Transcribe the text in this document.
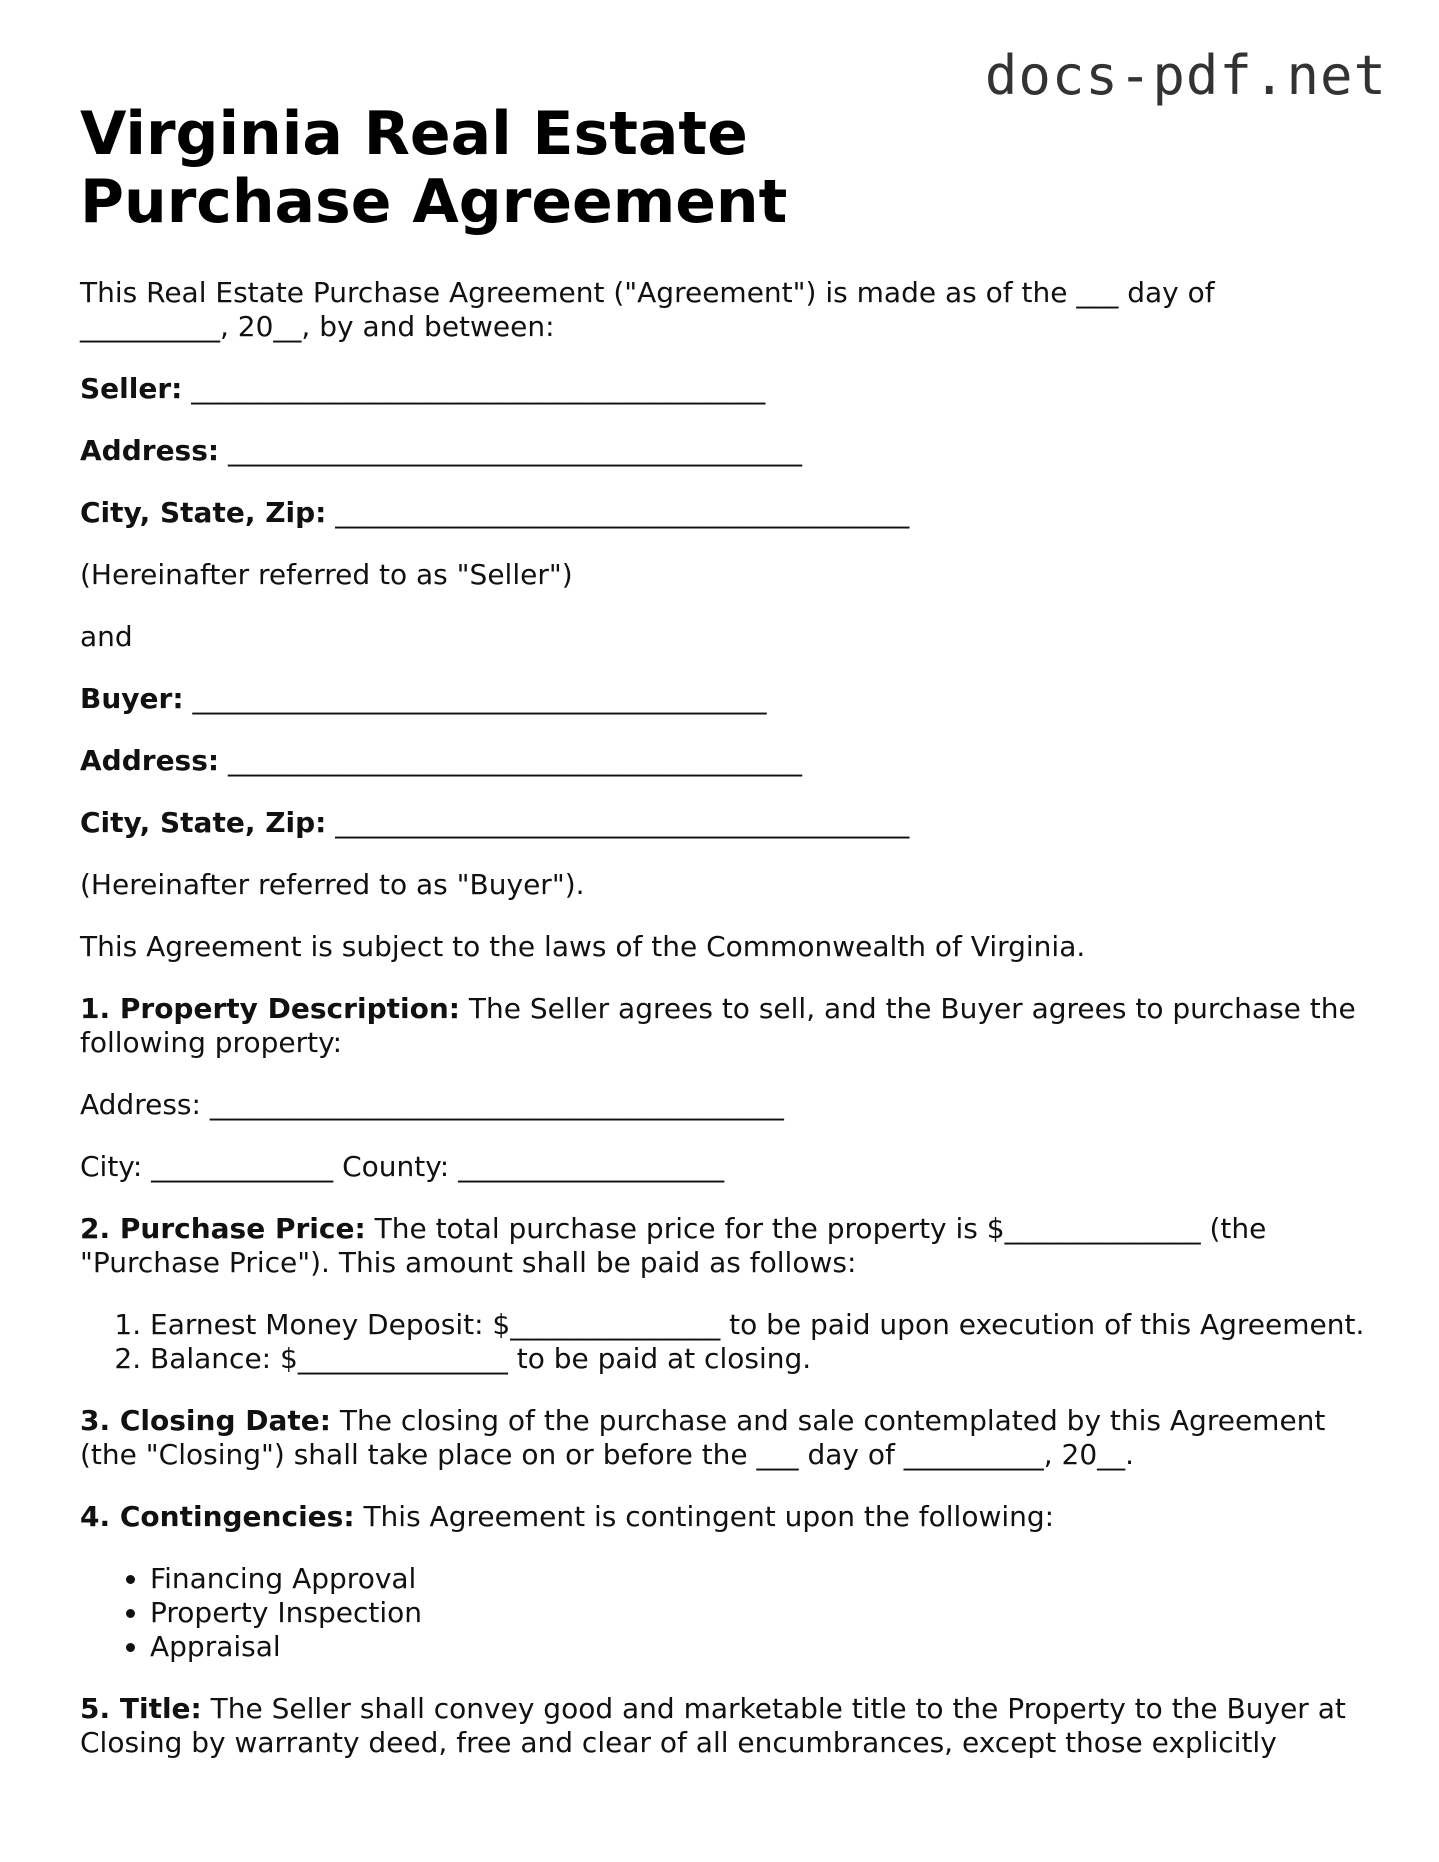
docs-pdf.net
Virginia Real Estate Purchase Agreement

This Real Estate Purchase Agreement ("Agreement") is made as of the ___ day of __________, 20__, by and between:

Seller: _________________________________________

Address: _________________________________________

City, State, Zip: _________________________________________

(Hereinafter referred to as "Seller")

and

Buyer: _________________________________________

Address: _________________________________________

City, State, Zip: _________________________________________

(Hereinafter referred to as "Buyer").

This Agreement is subject to the laws of the Commonwealth of Virginia.

1. Property Description: The Seller agrees to sell, and the Buyer agrees to purchase the following property:

Address: _________________________________________

City: _____________ County: ___________________

2. Purchase Price: The total purchase price for the property is $______________ (the "Purchase Price"). This amount shall be paid as follows:

1. Earnest Money Deposit: $_______________ to be paid upon execution of this Agreement.
2. Balance: $_______________ to be paid at closing.

3. Closing Date: The closing of the purchase and sale contemplated by this Agreement (the "Closing") shall take place on or before the ___ day of __________, 20__.

4. Contingencies: This Agreement is contingent upon the following:

• Financing Approval
• Property Inspection
• Appraisal

5. Title: The Seller shall convey good and marketable title to the Property to the Buyer at Closing by warranty deed, free and clear of all encumbrances, except those explicitly
